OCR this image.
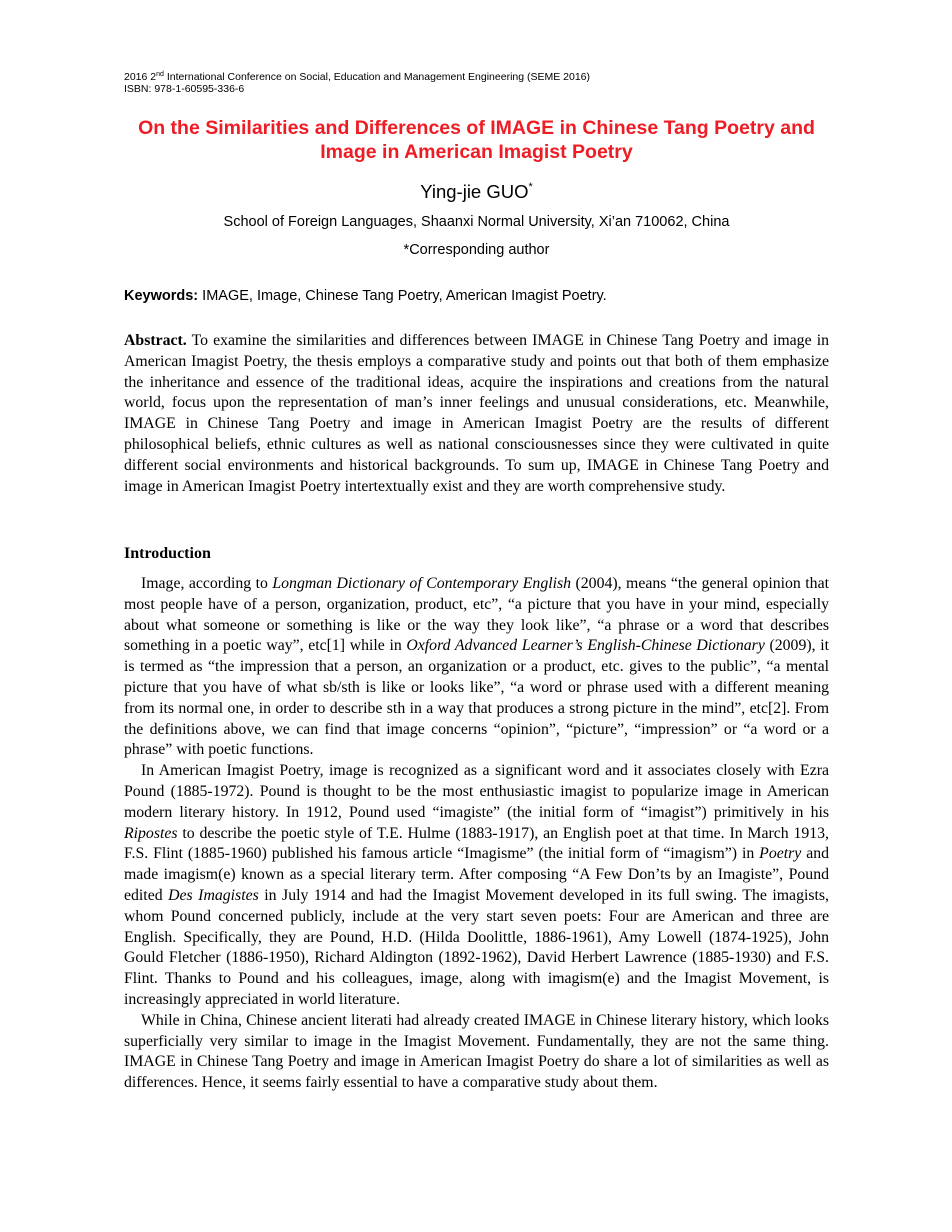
2016 2nd International Conference on Social, Education and Management Engineering (SEME 2016)
ISBN: 978-1-60595-336-6
On the Similarities and Differences of IMAGE in Chinese Tang Poetry and Image in American Imagist Poetry
Ying-jie GUO*
School of Foreign Languages, Shaanxi Normal University, Xi’an 710062, China
*Corresponding author
Keywords: IMAGE, Image, Chinese Tang Poetry, American Imagist Poetry.

Abstract. To examine the similarities and differences between IMAGE in Chinese Tang Poetry and image in American Imagist Poetry, the thesis employs a comparative study and points out that both of them emphasize the inheritance and essence of the traditional ideas, acquire the inspirations and creations from the natural world, focus upon the representation of man’s inner feelings and unusual considerations, etc. Meanwhile, IMAGE in Chinese Tang Poetry and image in American Imagist Poetry are the results of different philosophical beliefs, ethnic cultures as well as national consciousnesses since they were cultivated in quite different social environments and historical backgrounds. To sum up, IMAGE in Chinese Tang Poetry and image in American Imagist Poetry intertextually exist and they are worth comprehensive study.

Introduction

Image, according to Longman Dictionary of Contemporary English (2004), means “the general opinion that most people have of a person, organization, product, etc”, “a picture that you have in your mind, especially about what someone or something is like or the way they look like”, “a phrase or a word that describes something in a poetic way”, etc[1] while in Oxford Advanced Learner’s English-Chinese Dictionary (2009), it is termed as “the impression that a person, an organization or a product, etc. gives to the public”, “a mental picture that you have of what sb/sth is like or looks like”, “a word or phrase used with a different meaning from its normal one, in order to describe sth in a way that produces a strong picture in the mind”, etc[2]. From the definitions above, we can find that image concerns “opinion”, “picture”, “impression” or “a word or a phrase” with poetic functions.

In American Imagist Poetry, image is recognized as a significant word and it associates closely with Ezra Pound (1885-1972). Pound is thought to be the most enthusiastic imagist to popularize image in American modern literary history. In 1912, Pound used “imagiste” (the initial form of “imagist”) primitively in his Ripostes to describe the poetic style of T.E. Hulme (1883-1917), an English poet at that time. In March 1913, F.S. Flint (1885-1960) published his famous article “Imagisme” (the initial form of “imagism”) in Poetry and made imagism(e) known as a special literary term. After composing “A Few Don’ts by an Imagiste”, Pound edited Des Imagistes in July 1914 and had the Imagist Movement developed in its full swing. The imagists, whom Pound concerned publicly, include at the very start seven poets: Four are American and three are English. Specifically, they are Pound, H.D. (Hilda Doolittle, 1886-1961), Amy Lowell (1874-1925), John Gould Fletcher (1886-1950), Richard Aldington (1892-1962), David Herbert Lawrence (1885-1930) and F.S. Flint. Thanks to Pound and his colleagues, image, along with imagism(e) and the Imagist Movement, is increasingly appreciated in world literature.

While in China, Chinese ancient literati had already created IMAGE in Chinese literary history, which looks superficially very similar to image in the Imagist Movement. Fundamentally, they are not the same thing. IMAGE in Chinese Tang Poetry and image in American Imagist Poetry do share a lot of similarities as well as differences. Hence, it seems fairly essential to have a comparative study about them.
